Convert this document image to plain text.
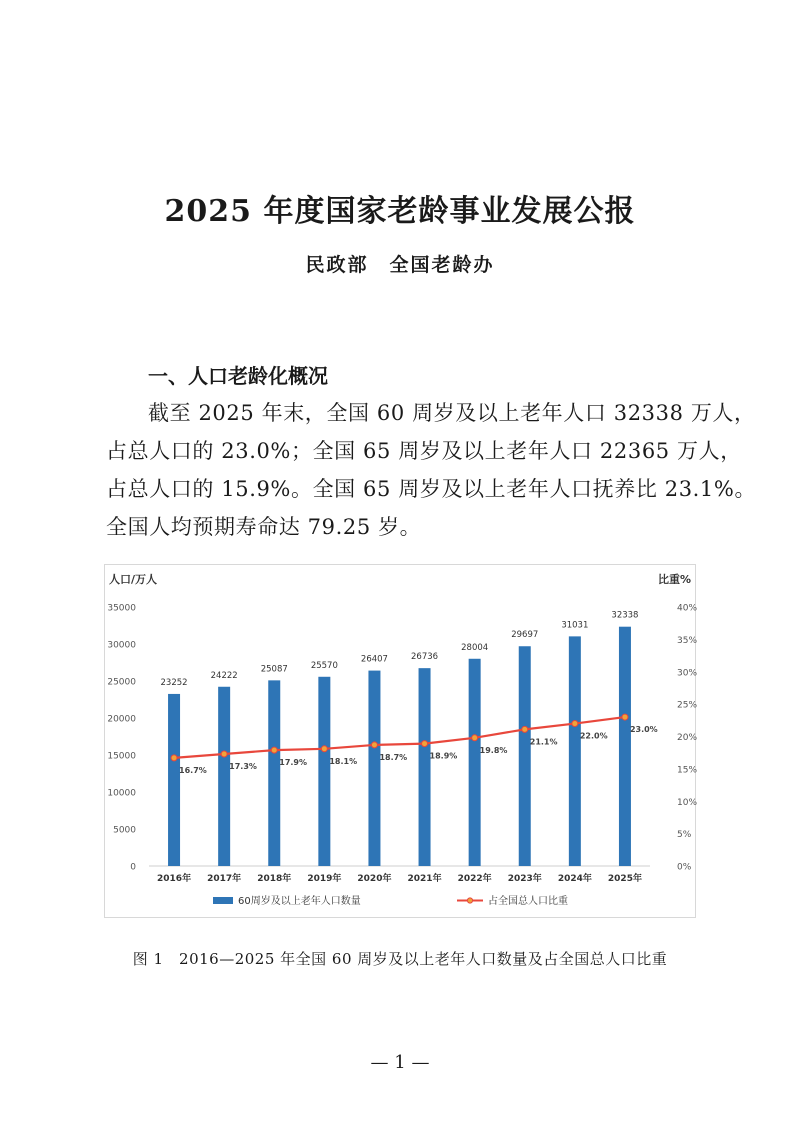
2025 年度国家老龄事业发展公报
民政部　全国老龄办
一、人口老龄化概况
截至 2025 年末，全国 60 周岁及以上老年人口 32338 万人，
占总人口的 23.0%；全国 65 周岁及以上老年人口 22365 万人，
占总人口的 15.9%。全国 65 周岁及以上老年人口抚养比 23.1%。
全国人均预期寿命达 79.25 岁。
人口/万人	比重%
0
5000
10000
15000
20000
25000
30000
35000
0%
5%
10%
15%
20%
25%
30%
35%
40%
23252
24222
25087	25570
26407	26736
28004
29697
31031
32338
16.7%	17.3%	17.9%	18.1%	18.7%	18.9%
19.8%
21.1%
22.0%
23.0%
2016年 2017年 2018年 2019年 2020年 2021年 2022年 2023年 2024年 2025年
60周岁及以上老年人口数量	占全国总人口比重
图 1　2016—2025 年全国 60 周岁及以上老年人口数量及占全国总人口比重
— 1 —
